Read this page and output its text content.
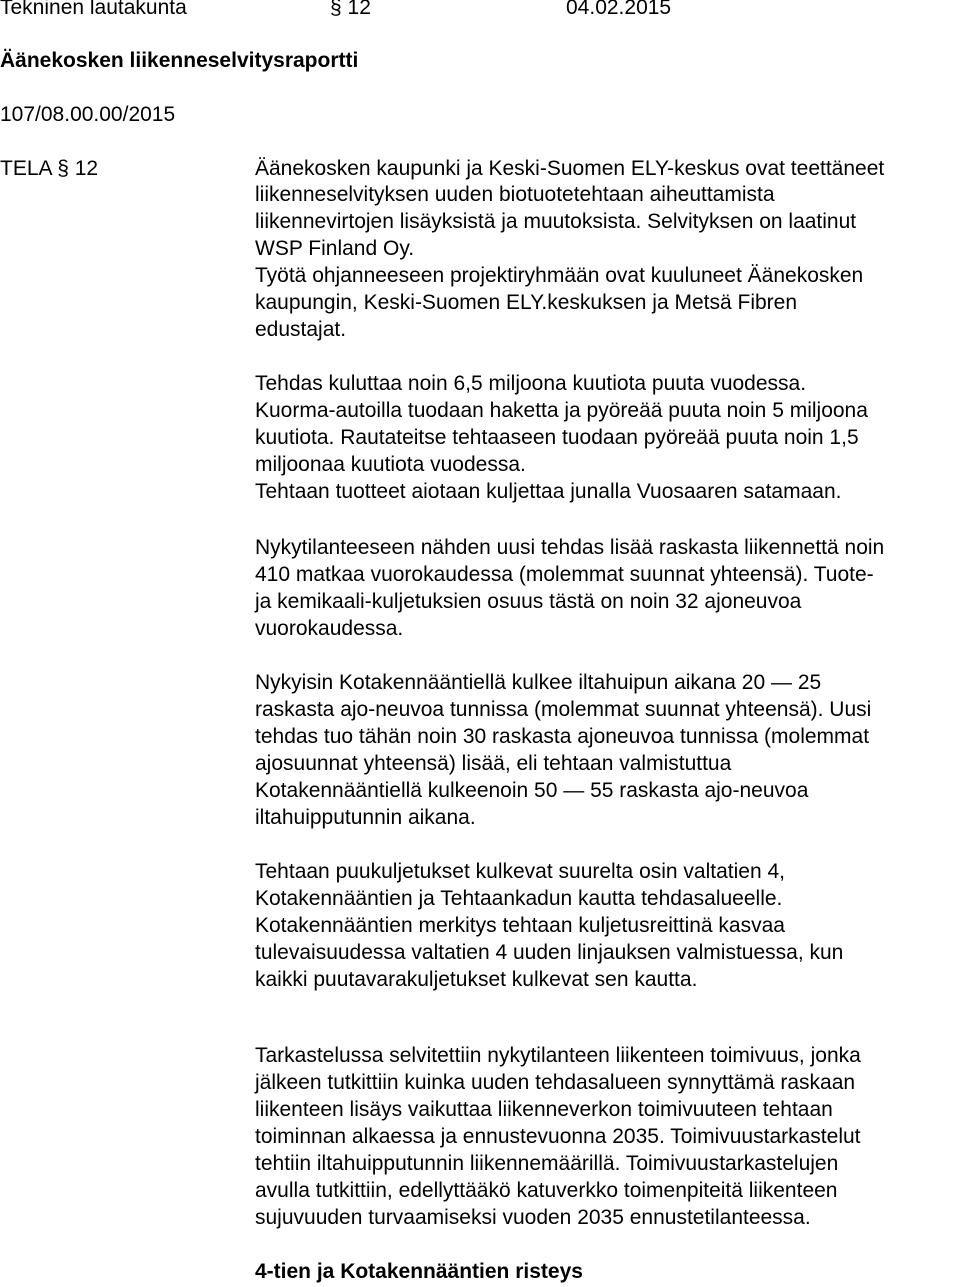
Tekninen lautakunta	§ 12	04.02.2015
Äänekosken liikenneselvitysraportti
107/08.00.00/2015
TELA § 12	Äänekosken kaupunki ja Keski-Suomen ELY-keskus ovat teettäneet
liikenneselvityksen uuden biotuotetehtaan aiheuttamista
liikennevirtojen lisäyksistä ja muutoksista. Selvityksen on laatinut
WSP Finland Oy.
Työtä ohjanneeseen projektiryhmään ovat kuuluneet Äänekosken
kaupungin, Keski-Suomen ELY.keskuksen ja Metsä Fibren
edustajat.

Tehdas kuluttaa noin 6,5 miljoona kuutiota puuta vuodessa.
Kuorma-autoilla tuodaan haketta ja pyöreää puuta noin 5 miljoona
kuutiota. Rautateitse tehtaaseen tuodaan pyöreää puuta noin 1,5
miljoonaa kuutiota vuodessa.
Tehtaan tuotteet aiotaan kuljettaa junalla Vuosaaren satamaan.

Nykytilanteeseen nähden uusi tehdas lisää raskasta liikennettä noin
410 matkaa vuorokaudessa (molemmat suunnat yhteensä). Tuote-
ja kemikaali-kuljetuksien osuus tästä on noin 32 ajoneuvoa
vuorokaudessa.

Nykyisin Kotakennääntiellä kulkee iltahuipun aikana 20 — 25
raskasta ajo-neuvoa tunnissa (molemmat suunnat yhteensä). Uusi
tehdas tuo tähän noin 30 raskasta ajoneuvoa tunnissa (molemmat
ajosuunnat yhteensä) lisää, eli tehtaan valmistuttua
Kotakennääntiellä kulkeenoin 50 — 55 raskasta ajo-neuvoa
iltahuipputunnin aikana.

Tehtaan puukuljetukset kulkevat suurelta osin valtatien 4,
Kotakennääntien ja Tehtaankadun kautta tehdasalueelle.
Kotakennääntien merkitys tehtaan kuljetusreittinä kasvaa
tulevaisuudessa valtatien 4 uuden linjauksen valmistuessa, kun
kaikki puutavarakuljetukset kulkevat sen kautta.

Tarkastelussa selvitettiin nykytilanteen liikenteen toimivuus, jonka
jälkeen tutkittiin kuinka uuden tehdasalueen synnyttämä raskaan
liikenteen lisäys vaikuttaa liikenneverkon toimivuuteen tehtaan
toiminnan alkaessa ja ennustevuonna 2035. Toimivuustarkastelut
tehtiin iltahuipputunnin liikennemäärillä. Toimivuustarkastelujen
avulla tutkittiin, edellyttääkö katuverkko toimenpiteitä liikenteen
sujuvuuden turvaamiseksi vuoden 2035 ennustetilanteessa.

4-tien ja Kotakennääntien risteys
